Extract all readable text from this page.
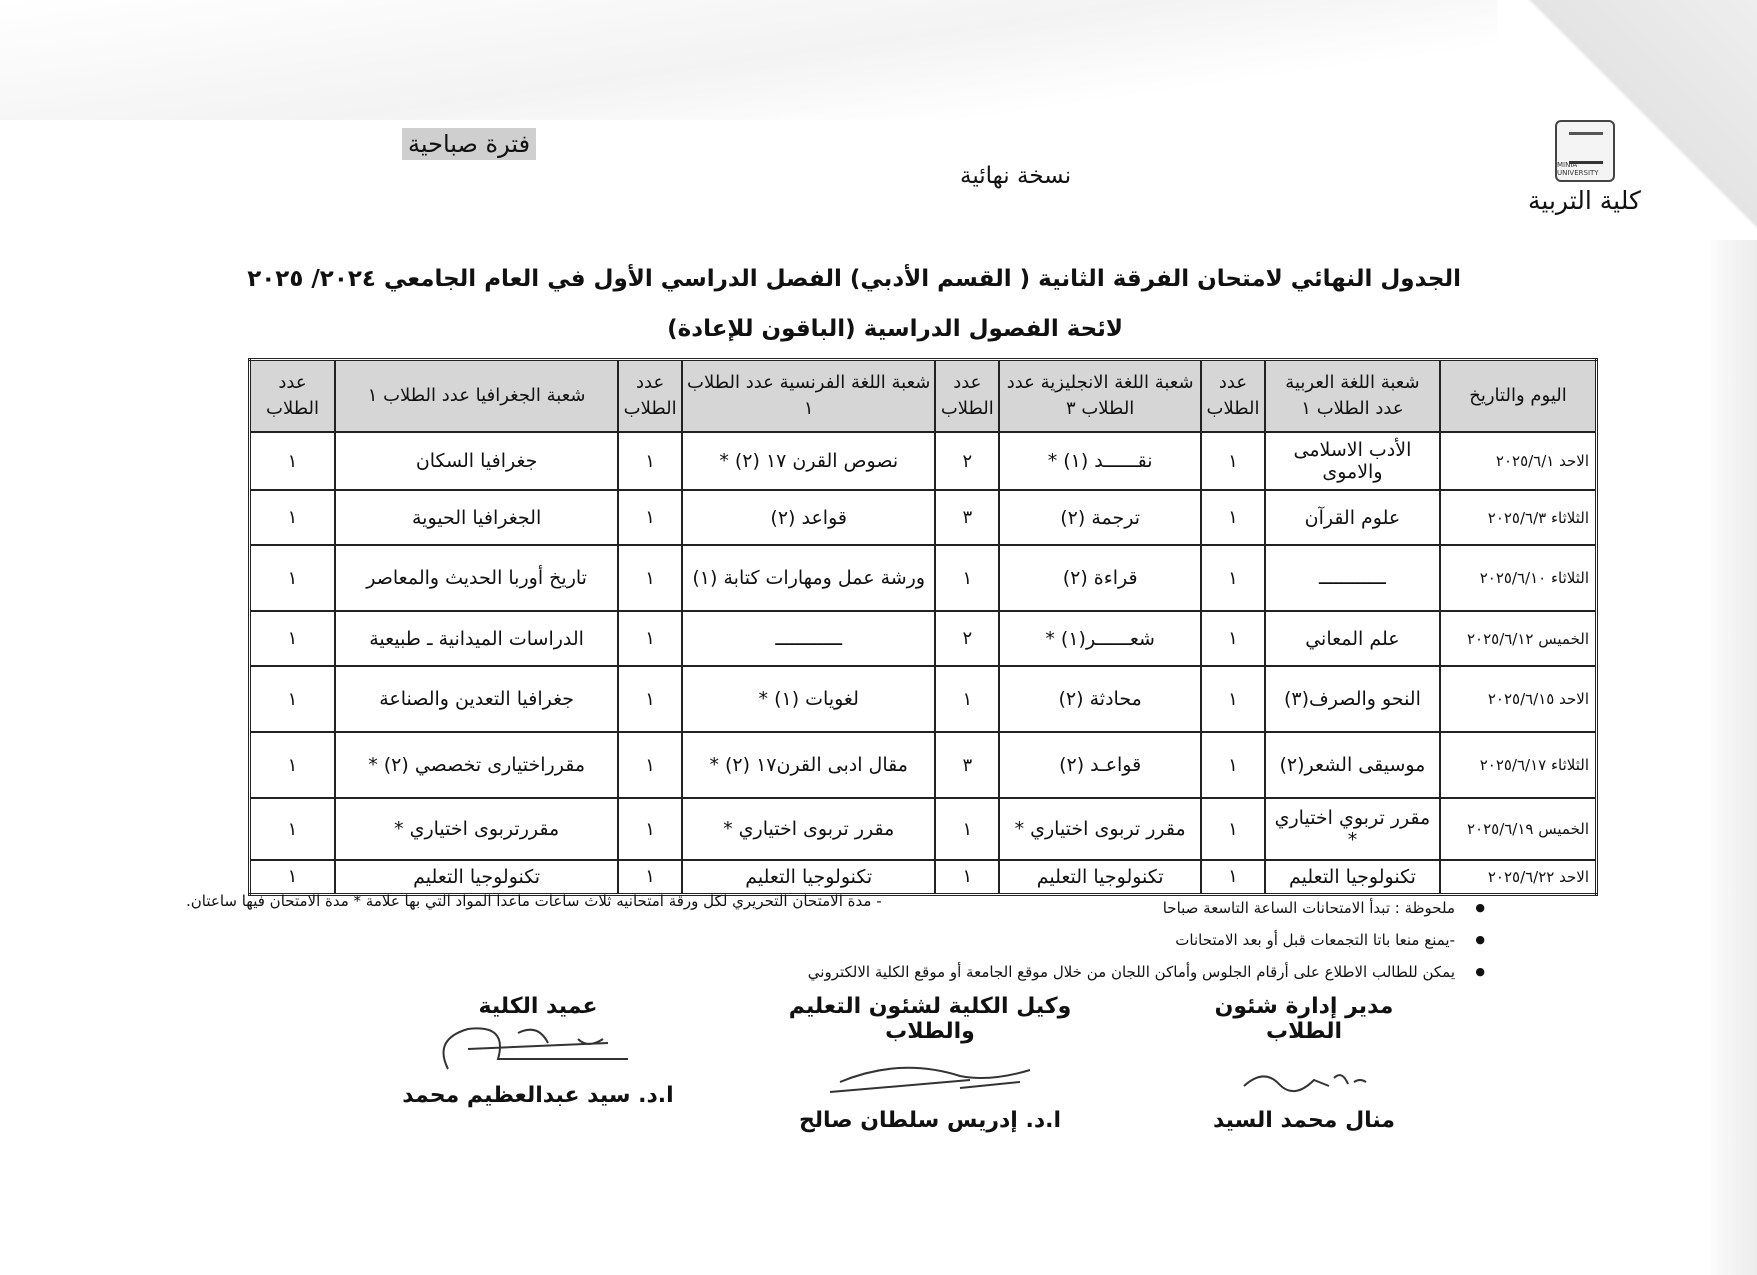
MINIA UNIVERSITY
كلية التربية
نسخة نهائية
فترة صباحية
الجدول النهائي لامتحان الفرقة الثانية ( القسم الأدبي) الفصل الدراسي الأول في العام الجامعي ٢٠٢٤/ ٢٠٢٥
لائحة الفصول الدراسية (الباقون للإعادة)
اليوم والتاريخ	شعبة اللغة العربية عدد الطلاب ١	عدد الطلاب	شعبة اللغة الانجليزية عدد الطلاب ٣	عدد الطلاب	شعبة اللغة الفرنسية عدد الطلاب ١	عدد الطلاب	شعبة الجغرافيا عدد الطلاب ١	عدد الطلاب
الاحد ٢٠٢٥/٦/١	الأدب الاسلامى والاموى	١	نقــــــد (١) *	٢	نصوص القرن ١٧ (٢) *	١	جغرافيا السكان	١
الثلاثاء ٢٠٢٥/٦/٣	علوم القرآن	١	ترجمة (٢)	٣	قواعد (٢)	١	الجغرافيا الحيوية	١
الثلاثاء ٢٠٢٥/٦/١٠	ــــــــــــ	١	قراءة (٢)	١	ورشة عمل ومهارات كتابة (١)	١	تاريخ أوربا الحديث والمعاصر	١
الخميس ٢٠٢٥/٦/١٢	علم المعاني	١	شعــــــر(١) *	٢	ــــــــــــ	١	الدراسات الميدانية ـ طبيعية	١
الاحد ٢٠٢٥/٦/١٥	النحو والصرف(٣)	١	محادثة (٢)	١	لغويات (١) *	١	جغرافيا التعدين والصناعة	١
الثلاثاء ٢٠٢٥/٦/١٧	موسيقى الشعر(٢)	١	قواعـد (٢)	٣	مقال ادبى القرن١٧ (٢) *	١	مقرراختيارى تخصصي (٢) *	١
الخميس ٢٠٢٥/٦/١٩	مقرر تربوي اختياري *	١	مقرر تربوى اختياري *	١	مقرر تربوى اختياري *	١	مقررتربوى اختياري *	١
الاحد ٢٠٢٥/٦/٢٢	تكنولوجيا التعليم	١	تكنولوجيا التعليم	١	تكنولوجيا التعليم	١	تكنولوجيا التعليم	١
- مدة الامتحان التحريري لكل ورقة امتحانيه ثلاث ساعات ماعدا المواد التي بها علامة * مدة الامتحان فيها ساعتان.	● ملحوظة : تبدأ الامتحانات الساعة التاسعة صباحا
● -يمنع منعا باتا التجمعات قبل أو بعد الامتحانات
● يمكن للطالب الاطلاع على أرقام الجلوس وأماكن اللجان من خلال موقع الجامعة أو موقع الكلية الالكتروني
مدير إدارة شئون الطلاب
منال محمد السيد
وكيل الكلية لشئون التعليم والطلاب
ا.د. إدريس سلطان صالح
عميد الكلية
ا.د. سيد عبدالعظيم محمد
